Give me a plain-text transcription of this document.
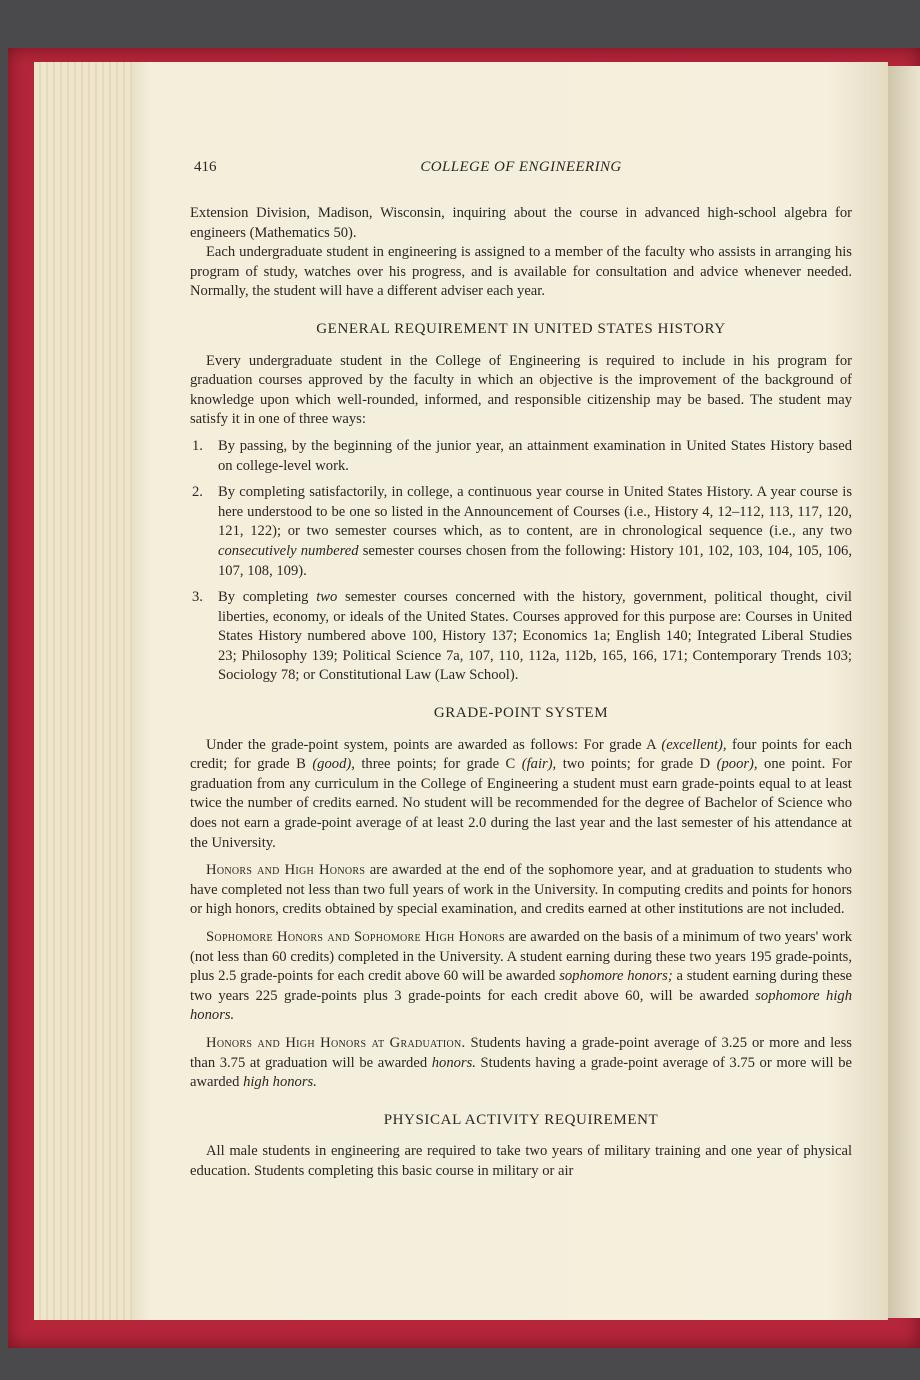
416	COLLEGE OF ENGINEERING

Extension Division, Madison, Wisconsin, inquiring about the course in advanced high-school algebra for engineers (Mathematics 50).

Each undergraduate student in engineering is assigned to a member of the faculty who assists in arranging his program of study, watches over his progress, and is available for consultation and advice whenever needed. Normally, the student will have a different adviser each year.

GENERAL REQUIREMENT IN UNITED STATES HISTORY

Every undergraduate student in the College of Engineering is required to include in his program for graduation courses approved by the faculty in which an objective is the improvement of the background of knowledge upon which well-rounded, informed, and responsible citizenship may be based. The student may satisfy it in one of three ways:

1.	By passing, by the beginning of the junior year, an attainment examination in United States History based on college-level work.
2.	By completing satisfactorily, in college, a continuous year course in United States History. A year course is here understood to be one so listed in the Announcement of Courses (i.e., History 4, 12–112, 113, 117, 120, 121, 122); or two semester courses which, as to content, are in chronological sequence (i.e., any two consecutively numbered semester courses chosen from the following: History 101, 102, 103, 104, 105, 106, 107, 108, 109).
3.	By completing two semester courses concerned with the history, government, political thought, civil liberties, economy, or ideals of the United States. Courses approved for this purpose are: Courses in United States History numbered above 100, History 137; Economics 1a; English 140; Integrated Liberal Studies 23; Philosophy 139; Political Science 7a, 107, 110, 112a, 112b, 165, 166, 171; Contemporary Trends 103; Sociology 78; or Constitutional Law (Law School).
GRADE-POINT SYSTEM

Under the grade-point system, points are awarded as follows: For grade A (excellent), four points for each credit; for grade B (good), three points; for grade C (fair), two points; for grade D (poor), one point. For graduation from any curriculum in the College of Engineering a student must earn grade-points equal to at least twice the number of credits earned. No student will be recommended for the degree of Bachelor of Science who does not earn a grade-point average of at least 2.0 during the last year and the last semester of his attendance at the University.

Honors and High Honors are awarded at the end of the sophomore year, and at graduation to students who have completed not less than two full years of work in the University. In computing credits and points for honors or high honors, credits obtained by special examination, and credits earned at other institutions are not included.

Sophomore Honors and Sophomore High Honors are awarded on the basis of a minimum of two years' work (not less than 60 credits) completed in the University. A student earning during these two years 195 grade-points, plus 2.5 grade-points for each credit above 60 will be awarded sophomore honors; a student earning during these two years 225 grade-points plus 3 grade-points for each credit above 60, will be awarded sophomore high honors.

Honors and High Honors at Graduation. Students having a grade-point average of 3.25 or more and less than 3.75 at graduation will be awarded honors. Students having a grade-point average of 3.75 or more will be awarded high honors.

PHYSICAL ACTIVITY REQUIREMENT

All male students in engineering are required to take two years of military training and one year of physical education. Students completing this basic course in military or air
